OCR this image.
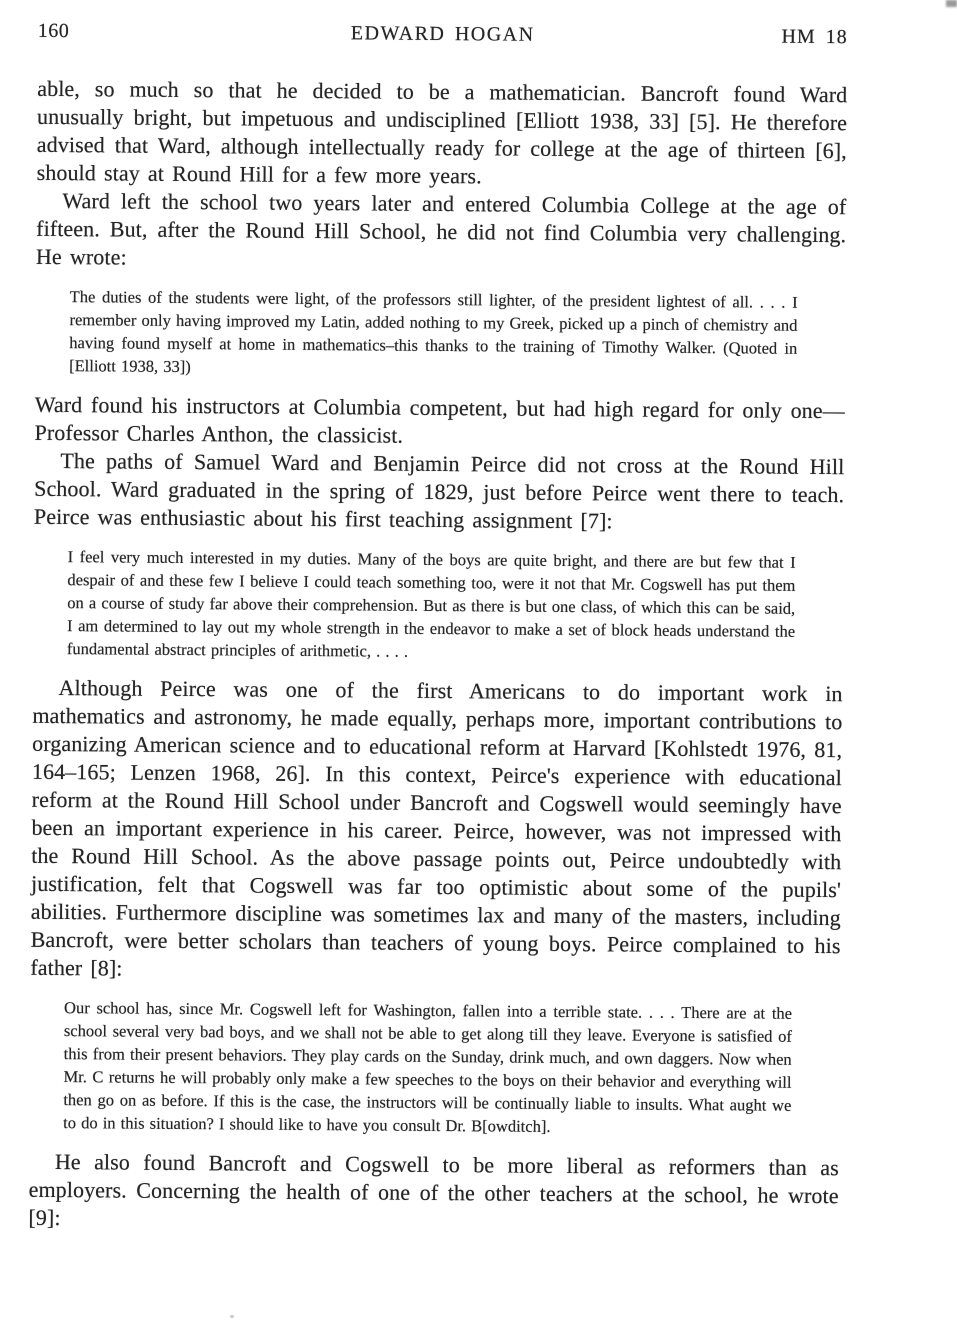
160	EDWARD HOGAN	HM 18

able, so much so that he decided to be a mathematician. Bancroft found Ward unusually bright, but impetuous and undisciplined [Elliott 1938, 33] [5]. He therefore advised that Ward, although intellectually ready for college at the age of thirteen [6], should stay at Round Hill for a few more years.

Ward left the school two years later and entered Columbia College at the age of fifteen. But, after the Round Hill School, he did not find Columbia very challenging. He wrote:

The duties of the students were light, of the professors still lighter, of the president lightest of all. . . . I remember only having improved my Latin, added nothing to my Greek, picked up a pinch of chemistry and having found myself at home in mathematics–this thanks to the training of Timothy Walker. (Quoted in [Elliott 1938, 33])

Ward found his instructors at Columbia competent, but had high regard for only one—Professor Charles Anthon, the classicist.

The paths of Samuel Ward and Benjamin Peirce did not cross at the Round Hill School. Ward graduated in the spring of 1829, just before Peirce went there to teach. Peirce was enthusiastic about his first teaching assignment [7]:

I feel very much interested in my duties. Many of the boys are quite bright, and there are but few that I despair of and these few I believe I could teach something too, were it not that Mr. Cogswell has put them on a course of study far above their comprehension. But as there is but one class, of which this can be said, I am determined to lay out my whole strength in the endeavor to make a set of block heads understand the fundamental abstract principles of arithmetic, . . . .

Although Peirce was one of the first Americans to do important work in mathematics and astronomy, he made equally, perhaps more, important contributions to organizing American science and to educational reform at Harvard [Kohlstedt 1976, 81, 164–165; Lenzen 1968, 26]. In this context, Peirce's experience with educational reform at the Round Hill School under Bancroft and Cogswell would seemingly have been an important experience in his career. Peirce, however, was not impressed with the Round Hill School. As the above passage points out, Peirce undoubtedly with justification, felt that Cogswell was far too optimistic about some of the pupils' abilities. Furthermore discipline was sometimes lax and many of the masters, including Bancroft, were better scholars than teachers of young boys. Peirce complained to his father [8]:

Our school has, since Mr. Cogswell left for Washington, fallen into a terrible state. . . . There are at the school several very bad boys, and we shall not be able to get along till they leave. Everyone is satisfied of this from their present behaviors. They play cards on the Sunday, drink much, and own daggers. Now when Mr. C returns he will probably only make a few speeches to the boys on their behavior and everything will then go on as before. If this is the case, the instructors will be continually liable to insults. What aught we to do in this situation? I should like to have you consult Dr. B[owditch].

He also found Bancroft and Cogswell to be more liberal as reformers than as employers. Concerning the health of one of the other teachers at the school, he wrote [9]:
